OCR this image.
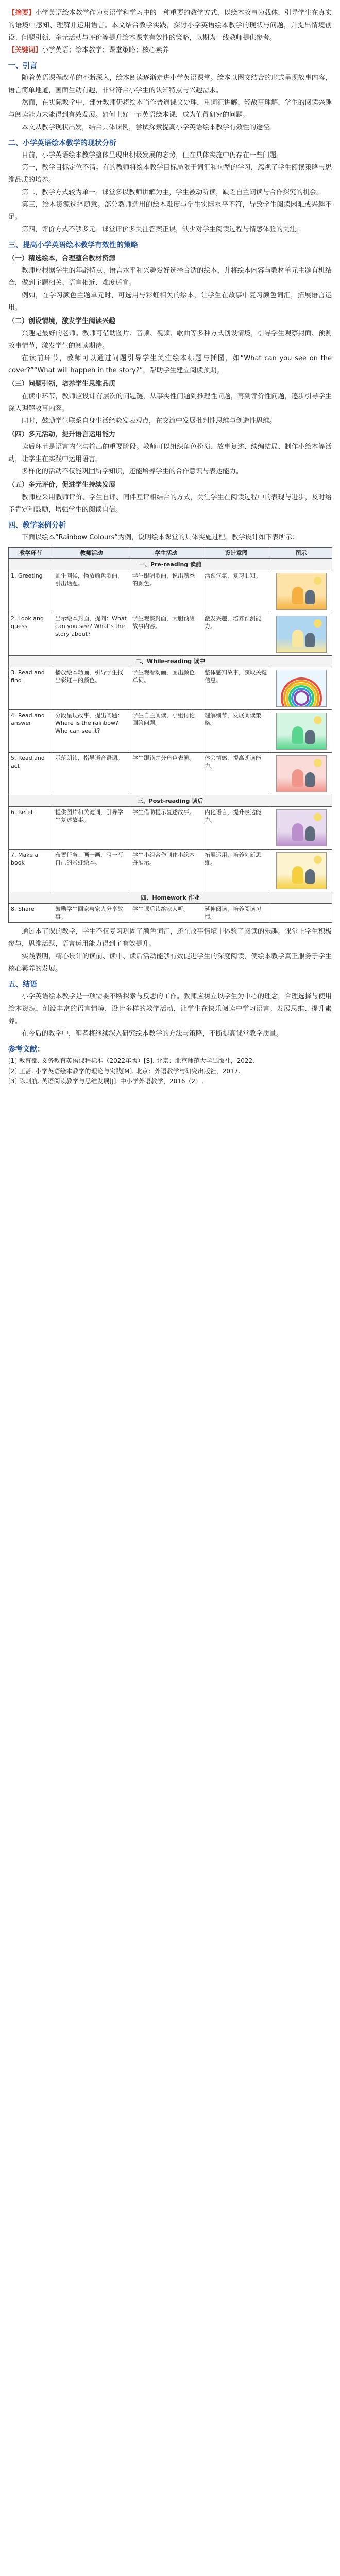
【摘要】小学英语绘本教学作为英语学科学习中的一种重要的教学方式，以绘本故事为载体，引导学生在真实的语境中感知、理解并运用语言。本文结合教学实践，探讨小学英语绘本教学的现状与问题，并提出情境创设、问题引领、多元活动与评价等提升绘本课堂有效性的策略，以期为一线教师提供参考。

【关键词】小学英语；绘本教学；课堂策略；核心素养

一、引言

随着英语课程改革的不断深入，绘本阅读逐渐走进小学英语课堂。绘本以图文结合的形式呈现故事内容，语言简单地道，画面生动有趣，非常符合小学生的认知特点与兴趣需求。

然而，在实际教学中，部分教师仍将绘本当作普通课文处理，重词汇讲解、轻故事理解，学生的阅读兴趣与阅读能力未能得到有效发展。如何上好一节英语绘本课，成为值得研究的问题。

本文从教学现状出发，结合具体课例，尝试探索提高小学英语绘本教学有效性的途径。

二、小学英语绘本教学的现状分析

目前，小学英语绘本教学整体呈现出积极发展的态势，但在具体实施中仍存在一些问题。

第一，教学目标定位不清。有的教师将绘本教学目标局限于词汇和句型的学习，忽视了学生阅读策略与思维品质的培养。

第二，教学方式较为单一。课堂多以教师讲解为主，学生被动听读，缺乏自主阅读与合作探究的机会。

第三，绘本资源选择随意。部分教师选用的绘本难度与学生实际水平不符，导致学生阅读困难或兴趣不足。

第四，评价方式不够多元。课堂评价多关注答案正误，缺少对学生阅读过程与情感体验的关注。

三、提高小学英语绘本教学有效性的策略
（一）精选绘本，合理整合教材资源

教师应根据学生的年龄特点、语言水平和兴趣爱好选择合适的绘本，并将绘本内容与教材单元主题有机结合，做到主题相关、语言相近、难度适宜。

例如，在学习颜色主题单元时，可选用与彩虹相关的绘本，让学生在故事中复习颜色词汇，拓展语言运用。

（二）创设情境，激发学生阅读兴趣

兴趣是最好的老师。教师可借助图片、音频、视频、歌曲等多种方式创设情境，引导学生观察封面、预测故事情节，激发学生的阅读期待。

在读前环节，教师可以通过问题引导学生关注绘本标题与插图，如“What can you see on the cover?”“What will happen in the story?”，帮助学生建立阅读预期。

（三）问题引领，培养学生思维品质

在读中环节，教师应设计有层次的问题链，从事实性问题到推理性问题，再到评价性问题，逐步引导学生深入理解故事内容。

同时，鼓励学生联系自身生活经验发表观点，在交流中发展批判性思维与创造性思维。

（四）多元活动，提升语言运用能力

读后环节是语言内化与输出的重要阶段。教师可以组织角色扮演、故事复述、续编结局、制作小绘本等活动，让学生在实践中运用语言。

多样化的活动不仅能巩固所学知识，还能培养学生的合作意识与表达能力。

（五）多元评价，促进学生持续发展

教师应采用教师评价、学生自评、同伴互评相结合的方式，关注学生在阅读过程中的表现与进步，及时给予肯定和鼓励，增强学生的阅读自信。

四、教学案例分析

下面以绘本“Rainbow Colours”为例，说明绘本课堂的具体实施过程。教学设计如下表所示：

教学环节	教师活动	学生活动	设计意图	图示
一、Pre-reading 读前				
1. Greeting	师生问候，播放颜色歌曲，引出话题。	学生跟唱歌曲，说出熟悉的颜色。	活跃气氛，复习旧知。	

2. Look and guess	出示绘本封面，提问：What can you see? What’s the story about?	学生观察封面，大胆预测故事内容。	激发兴趣，培养预测能力。	

二、While-reading 读中				
3. Read and find	播放绘本动画，引导学生找出彩虹中的颜色。	学生观看动画，圈出颜色单词。	整体感知故事，获取关键信息。	

4. Read and answer	分段呈现故事，提出问题：Where is the rainbow? Who can see it?	学生自主阅读，小组讨论回答问题。	理解细节，发展阅读策略。	

5. Read and act	示范朗读，指导语音语调。	学生跟读并分角色表演。	体会情感，提高朗读能力。	

三、Post-reading 读后				
6. Retell	提供图片和关键词，引导学生复述故事。	学生借助提示复述故事。	内化语言，提升表达能力。	

7. Make a book	布置任务：画一画、写一写自己的彩虹绘本。	学生小组合作制作小绘本并展示。	拓展运用，培养创新思维。	

四、Homework 作业				
8. Share	鼓励学生回家与家人分享故事。	学生课后读给家人听。	延伸阅读，培养阅读习惯。	

通过本节课的教学，学生不仅复习巩固了颜色词汇，还在故事情境中体验了阅读的乐趣。课堂上学生积极参与，思维活跃，语言运用能力得到了有效提升。

实践表明，精心设计的读前、读中、读后活动能够有效促进学生的深度阅读，使绘本教学真正服务于学生核心素养的发展。

五、结语

小学英语绘本教学是一项需要不断探索与反思的工作。教师应树立以学生为中心的理念，合理选择与使用绘本资源，创设丰富的语言情境，设计多样的教学活动，让学生在快乐阅读中学习语言、发展思维、提升素养。

在今后的教学中，笔者将继续深入研究绘本教学的方法与策略，不断提高课堂教学质量。

参考文献：

[1] 教育部. 义务教育英语课程标准（2022年版）[S]. 北京：北京师范大学出版社，2022.

[2] 王蔷. 小学英语绘本教学的理论与实践[M]. 北京：外语教学与研究出版社，2017.

[3] 陈则航. 英语阅读教学与思维发展[J]. 中小学外语教学，2016（2）.
